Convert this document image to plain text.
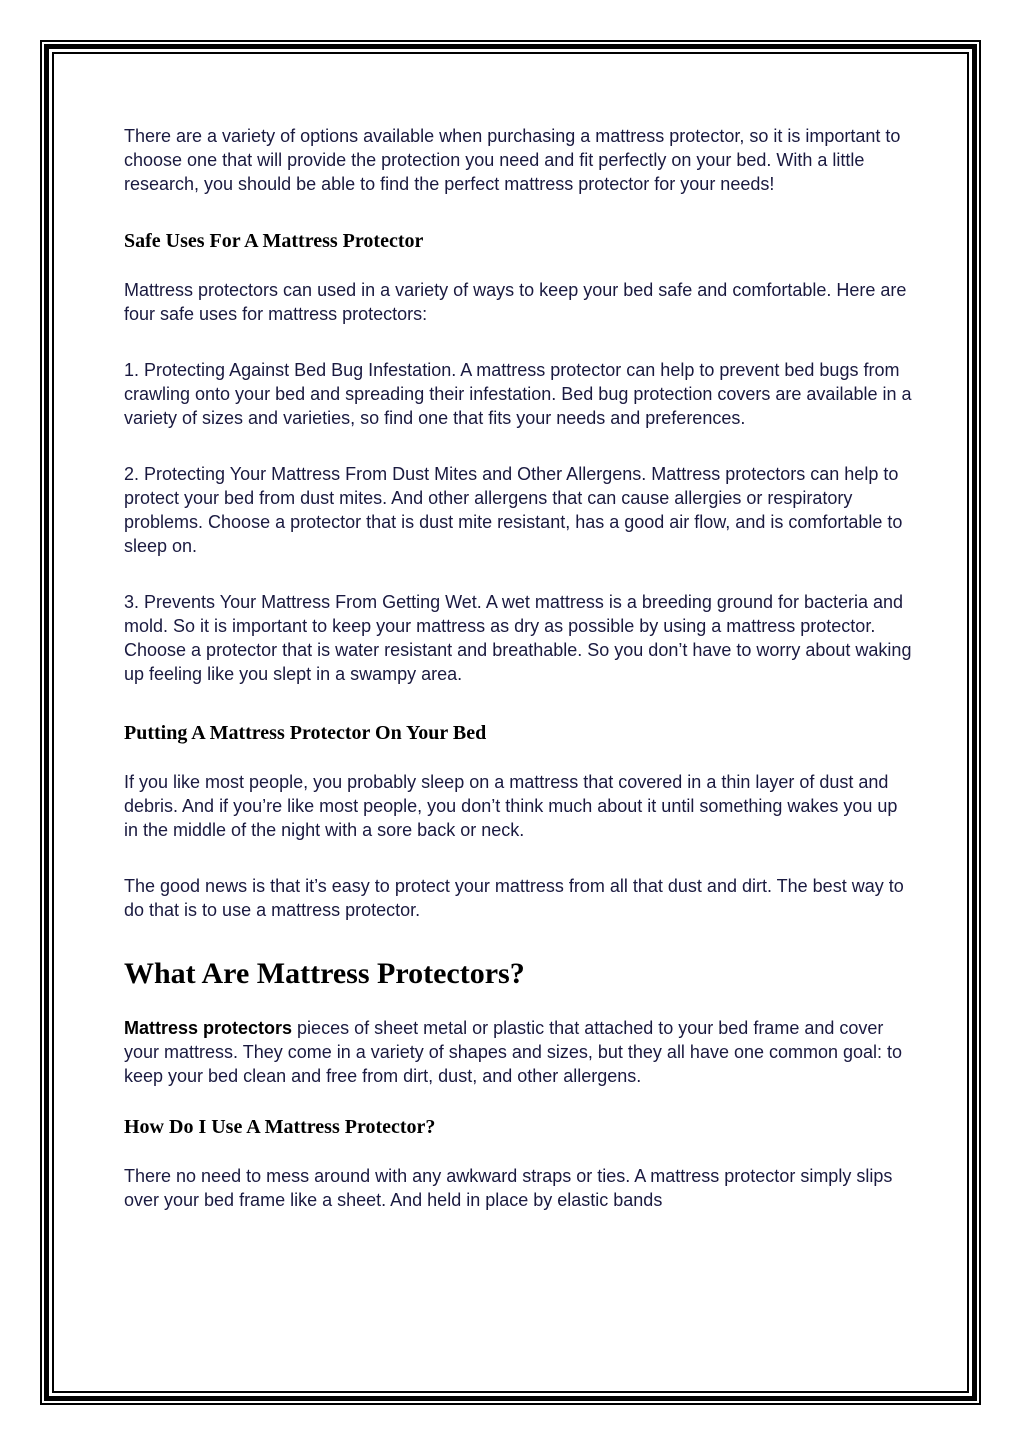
There are a variety of options available when purchasing a mattress protector, so it is important to choose one that will provide the protection you need and fit perfectly on your bed. With a little research, you should be able to find the perfect mattress protector for your needs!

Safe Uses For A Mattress Protector

Mattress protectors can used in a variety of ways to keep your bed safe and comfortable. Here are four safe uses for mattress protectors:

1. Protecting Against Bed Bug Infestation. A mattress protector can help to prevent bed bugs from crawling onto your bed and spreading their infestation. Bed bug protection covers are available in a variety of sizes and varieties, so find one that fits your needs and preferences.

2. Protecting Your Mattress From Dust Mites and Other Allergens. Mattress protectors can help to protect your bed from dust mites. And other allergens that can cause allergies or respiratory problems. Choose a protector that is dust mite resistant, has a good air flow, and is comfortable to sleep on.

3. Prevents Your Mattress From Getting Wet. A wet mattress is a breeding ground for bacteria and mold. So it is important to keep your mattress as dry as possible by using a mattress protector. Choose a protector that is water resistant and breathable. So you don’t have to worry about waking up feeling like you slept in a swampy area.

Putting A Mattress Protector On Your Bed

If you like most people, you probably sleep on a mattress that covered in a thin layer of dust and debris. And if you’re like most people, you don’t think much about it until something wakes you up in the middle of the night with a sore back or neck.

The good news is that it’s easy to protect your mattress from all that dust and dirt. The best way to do that is to use a mattress protector.

What Are Mattress Protectors?

Mattress protectors pieces of sheet metal or plastic that attached to your bed frame and cover your mattress. They come in a variety of shapes and sizes, but they all have one common goal: to keep your bed clean and free from dirt, dust, and other allergens.

How Do I Use A Mattress Protector?

There no need to mess around with any awkward straps or ties. A mattress protector simply slips over your bed frame like a sheet. And held in place by elastic bands
